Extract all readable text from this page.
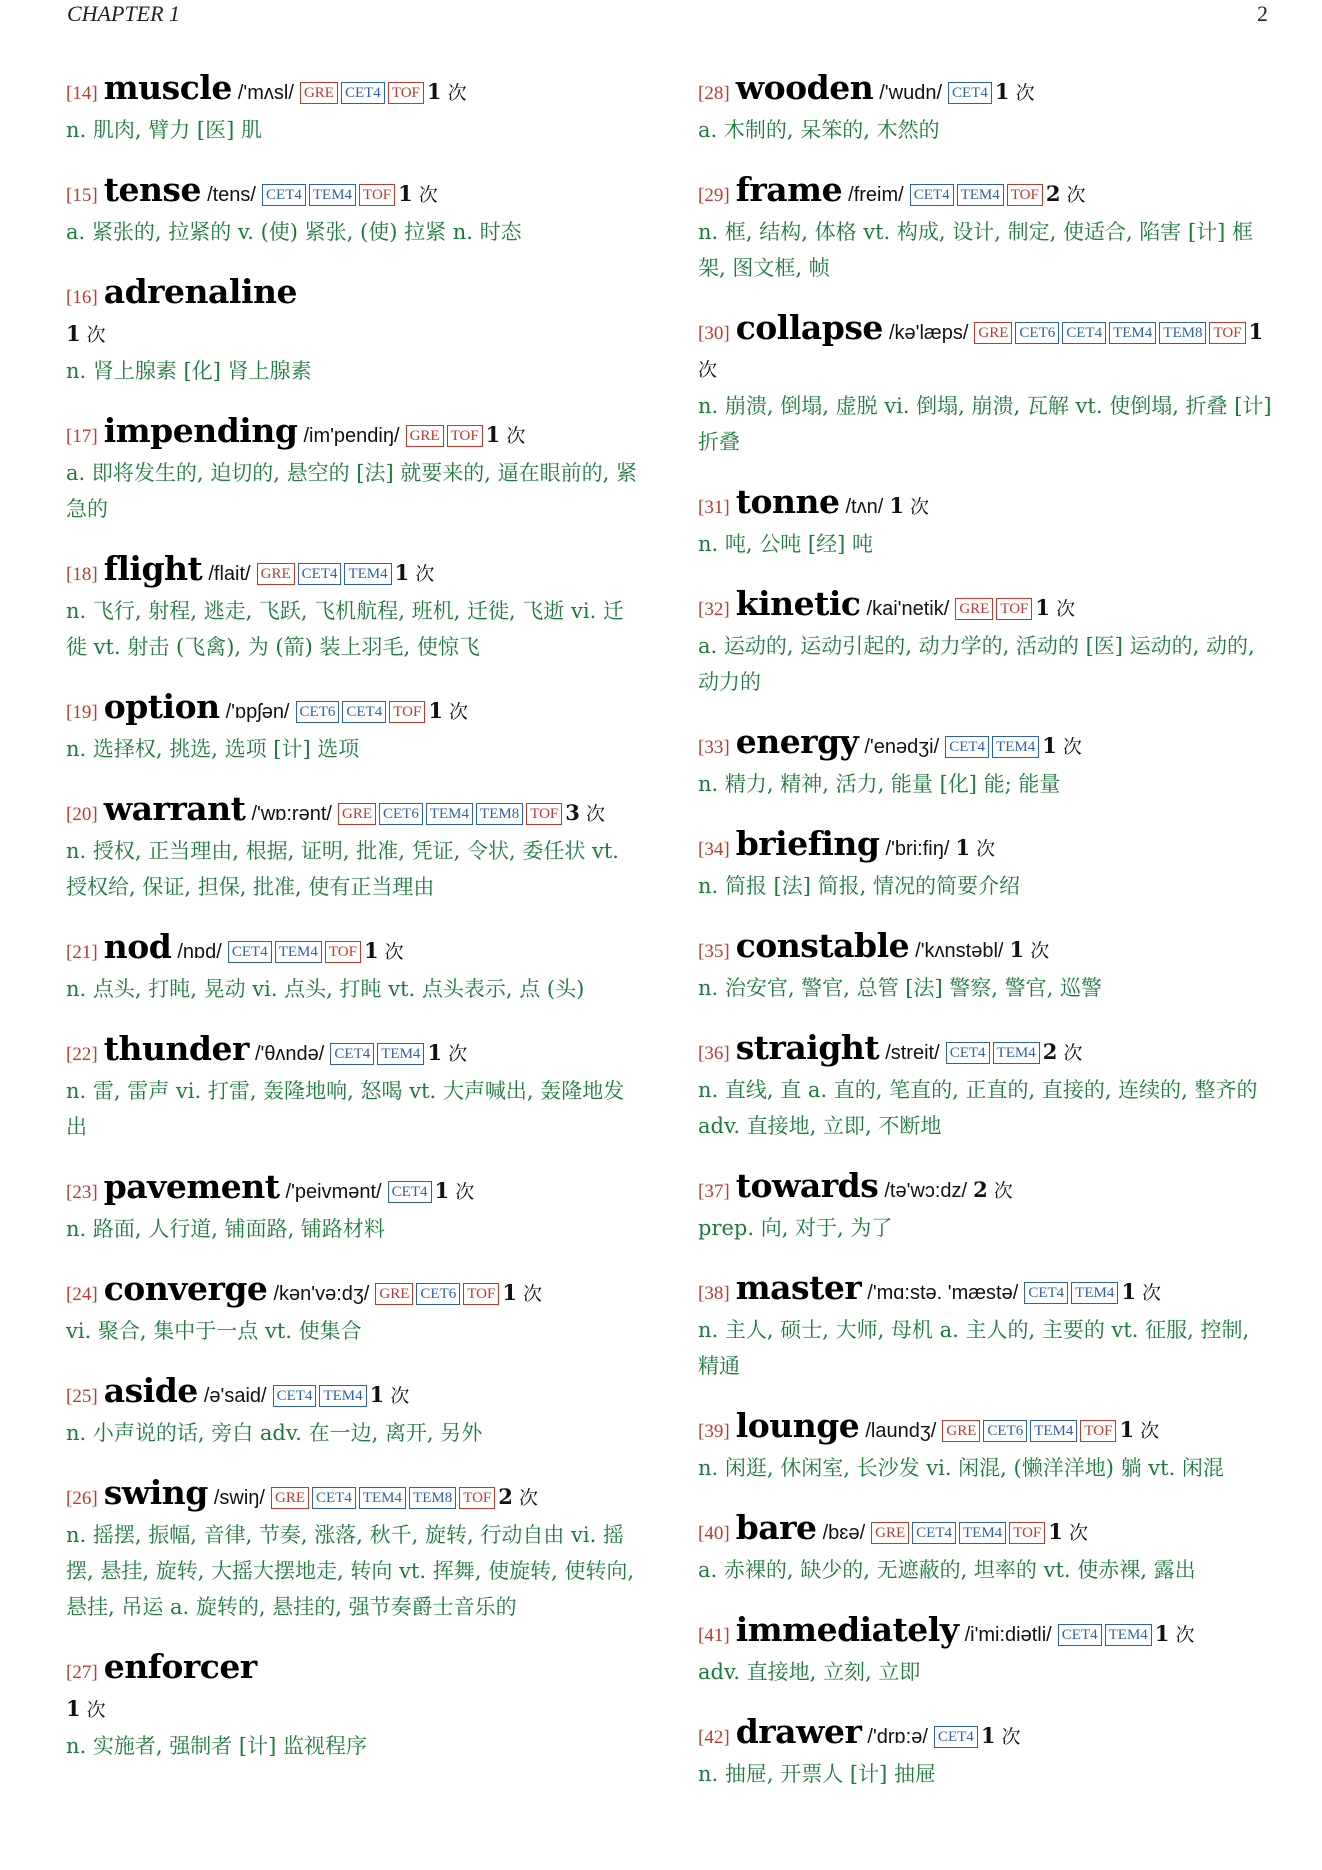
CHAPTER 1	2
[14] muscle /'mʌsl/ GRE CET4 TOF 1 次
n. 肌肉, 臂力 [医] 肌
[15] tense /tens/ CET4 TEM4 TOF 1 次
a. 紧张的, 拉紧的 v. (使) 紧张, (使) 拉紧 n. 时态
[16] adrenaline
1 次
n. 肾上腺素 [化] 肾上腺素
[17] impending /im'pendiŋ/ GRE TOF 1 次
a. 即将发生的, 迫切的, 悬空的 [法] 就要来的, 逼在眼前的, 紧急的
[18] flight /flait/ GRE CET4 TEM4 1 次
n. 飞行, 射程, 逃走, 飞跃, 飞机航程, 班机, 迁徙, 飞逝 vi. 迁徙 vt. 射击 (飞禽), 为 (箭) 装上羽毛, 使惊飞
[19] option /'ɒpʃən/ CET6 CET4 TOF 1 次
n. 选择权, 挑选, 选项 [计] 选项
[20] warrant /'wɒ:rənt/ GRE CET6 TEM4 TEM8 TOF 3 次
n. 授权, 正当理由, 根据, 证明, 批准, 凭证, 令状, 委任状 vt. 授权给, 保证, 担保, 批准, 使有正当理由
[21] nod /nɒd/ CET4 TEM4 TOF 1 次
n. 点头, 打盹, 晃动 vi. 点头, 打盹 vt. 点头表示, 点 (头)
[22] thunder /'θʌndə/ CET4 TEM4 1 次
n. 雷, 雷声 vi. 打雷, 轰隆地响, 怒喝 vt. 大声喊出, 轰隆地发出
[23] pavement /'peivmənt/ CET4 1 次
n. 路面, 人行道, 铺面路, 铺路材料
[24] converge /kən'və:dʒ/ GRE CET6 TOF 1 次
vi. 聚合, 集中于一点 vt. 使集合
[25] aside /ə'said/ CET4 TEM4 1 次
n. 小声说的话, 旁白 adv. 在一边, 离开, 另外
[26] swing /swiŋ/ GRE CET4 TEM4 TEM8 TOF 2 次
n. 摇摆, 振幅, 音律, 节奏, 涨落, 秋千, 旋转, 行动自由 vi. 摇摆, 悬挂, 旋转, 大摇大摆地走, 转向 vt. 挥舞, 使旋转, 使转向, 悬挂, 吊运 a. 旋转的, 悬挂的, 强节奏爵士音乐的
[27] enforcer
1 次
n. 实施者, 强制者 [计] 监视程序
[28] wooden /'wudn/ CET4 1 次
a. 木制的, 呆笨的, 木然的
[29] frame /freim/ CET4 TEM4 TOF 2 次
n. 框, 结构, 体格 vt. 构成, 设计, 制定, 使适合, 陷害 [计] 框架, 图文框, 帧
[30] collapse /kə'læps/ GRE CET6 CET4 TEM4 TEM8 TOF 1 次
n. 崩溃, 倒塌, 虚脱 vi. 倒塌, 崩溃, 瓦解 vt. 使倒塌, 折叠 [计] 折叠
[31] tonne /tʌn/ 1 次
n. 吨, 公吨 [经] 吨
[32] kinetic /kai'netik/ GRE TOF 1 次
a. 运动的, 运动引起的, 动力学的, 活动的 [医] 运动的, 动的, 动力的
[33] energy /'enədʒi/ CET4 TEM4 1 次
n. 精力, 精神, 活力, 能量 [化] 能; 能量
[34] briefing /'bri:fiŋ/ 1 次
n. 简报 [法] 简报, 情况的简要介绍
[35] constable /'kʌnstəbl/ 1 次
n. 治安官, 警官, 总管 [法] 警察, 警官, 巡警
[36] straight /streit/ CET4 TEM4 2 次
n. 直线, 直 a. 直的, 笔直的, 正直的, 直接的, 连续的, 整齐的 adv. 直接地, 立即, 不断地
[37] towards /tə'wɔ:dz/ 2 次
prep. 向, 对于, 为了
[38] master /'mɑ:stə. 'mæstə/ CET4 TEM4 1 次
n. 主人, 硕士, 大师, 母机 a. 主人的, 主要的 vt. 征服, 控制, 精通
[39] lounge /laundʒ/ GRE CET6 TEM4 TOF 1 次
n. 闲逛, 休闲室, 长沙发 vi. 闲混, (懒洋洋地) 躺 vt. 闲混
[40] bare /bɛə/ GRE CET4 TEM4 TOF 1 次
a. 赤裸的, 缺少的, 无遮蔽的, 坦率的 vt. 使赤裸, 露出
[41] immediately /i'mi:diətli/ CET4 TEM4 1 次
adv. 直接地, 立刻, 立即
[42] drawer /'drɒ:ə/ CET4 1 次
n. 抽屉, 开票人 [计] 抽屉
